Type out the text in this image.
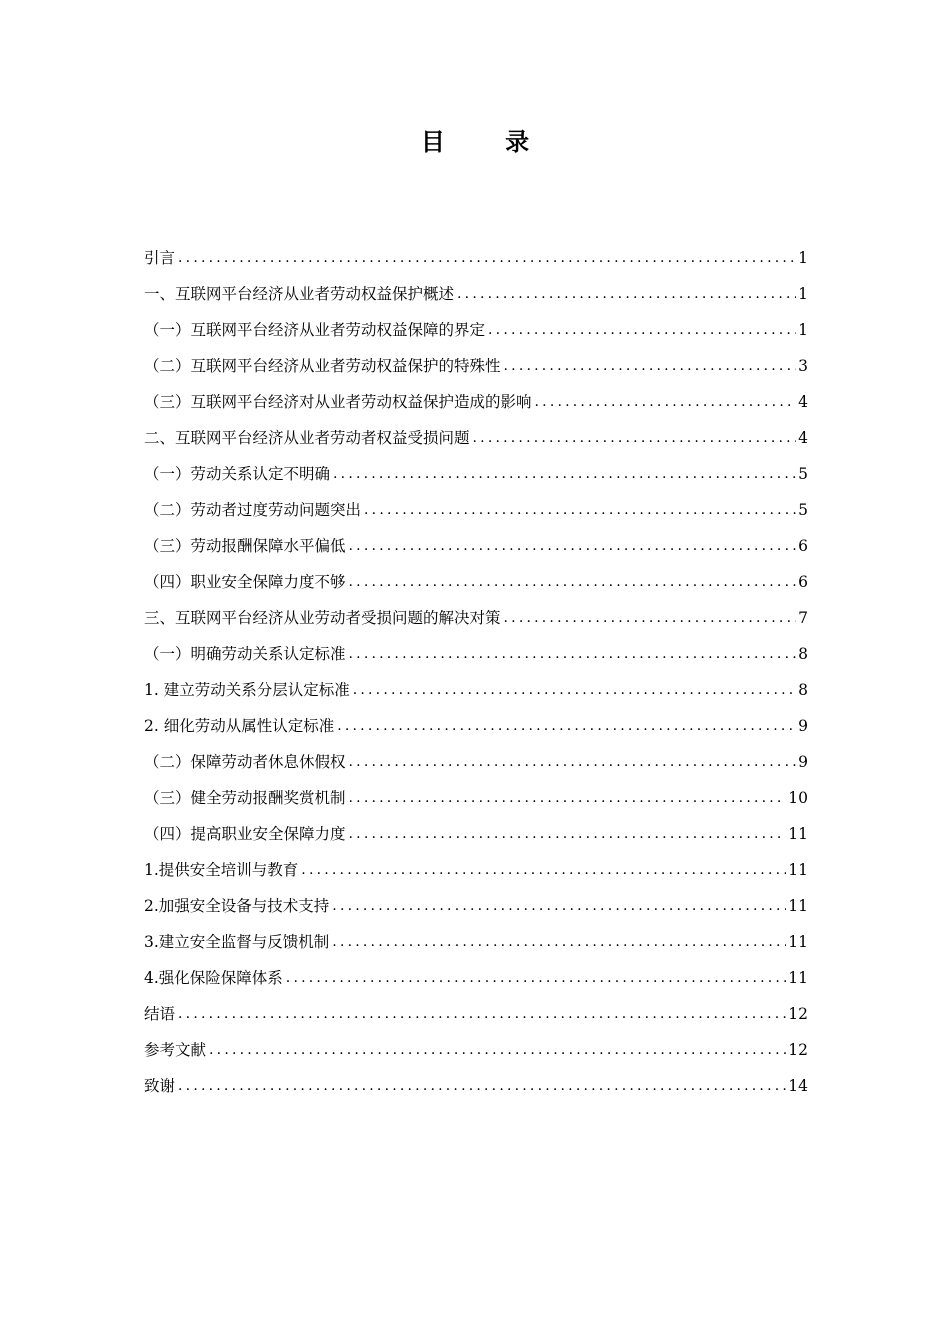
目 录
引言 .....	1
一、互联网平台经济从业者劳动权益保护概述 .....	1
（一）互联网平台经济从业者劳动权益保障的界定 .....	1
（二）互联网平台经济从业者劳动权益保护的特殊性 .....	3
（三）互联网平台经济对从业者劳动权益保护造成的影响 .....	4
二、互联网平台经济从业者劳动者权益受损问题 .....	4
（一）劳动关系认定不明确 .....	5
（二）劳动者过度劳动问题突出 .....	5
（三）劳动报酬保障水平偏低 .....	6
（四）职业安全保障力度不够 .....	6
三、互联网平台经济从业劳动者受损问题的解决对策 .....	7
（一）明确劳动关系认定标准 .....	8
1. 建立劳动关系分层认定标准 .....	8
2. 细化劳动从属性认定标准 .....	9
（二）保障劳动者休息休假权 .....	9
（三）健全劳动报酬奖赏机制 .....	10
（四）提高职业安全保障力度 .....	11
1.提供安全培训与教育 .....	11
2.加强安全设备与技术支持 .....	11
3.建立安全监督与反馈机制 .....	11
4.强化保险保障体系 .....	11
结语 .....	12
参考文献 .....	12
致谢 .....	14
